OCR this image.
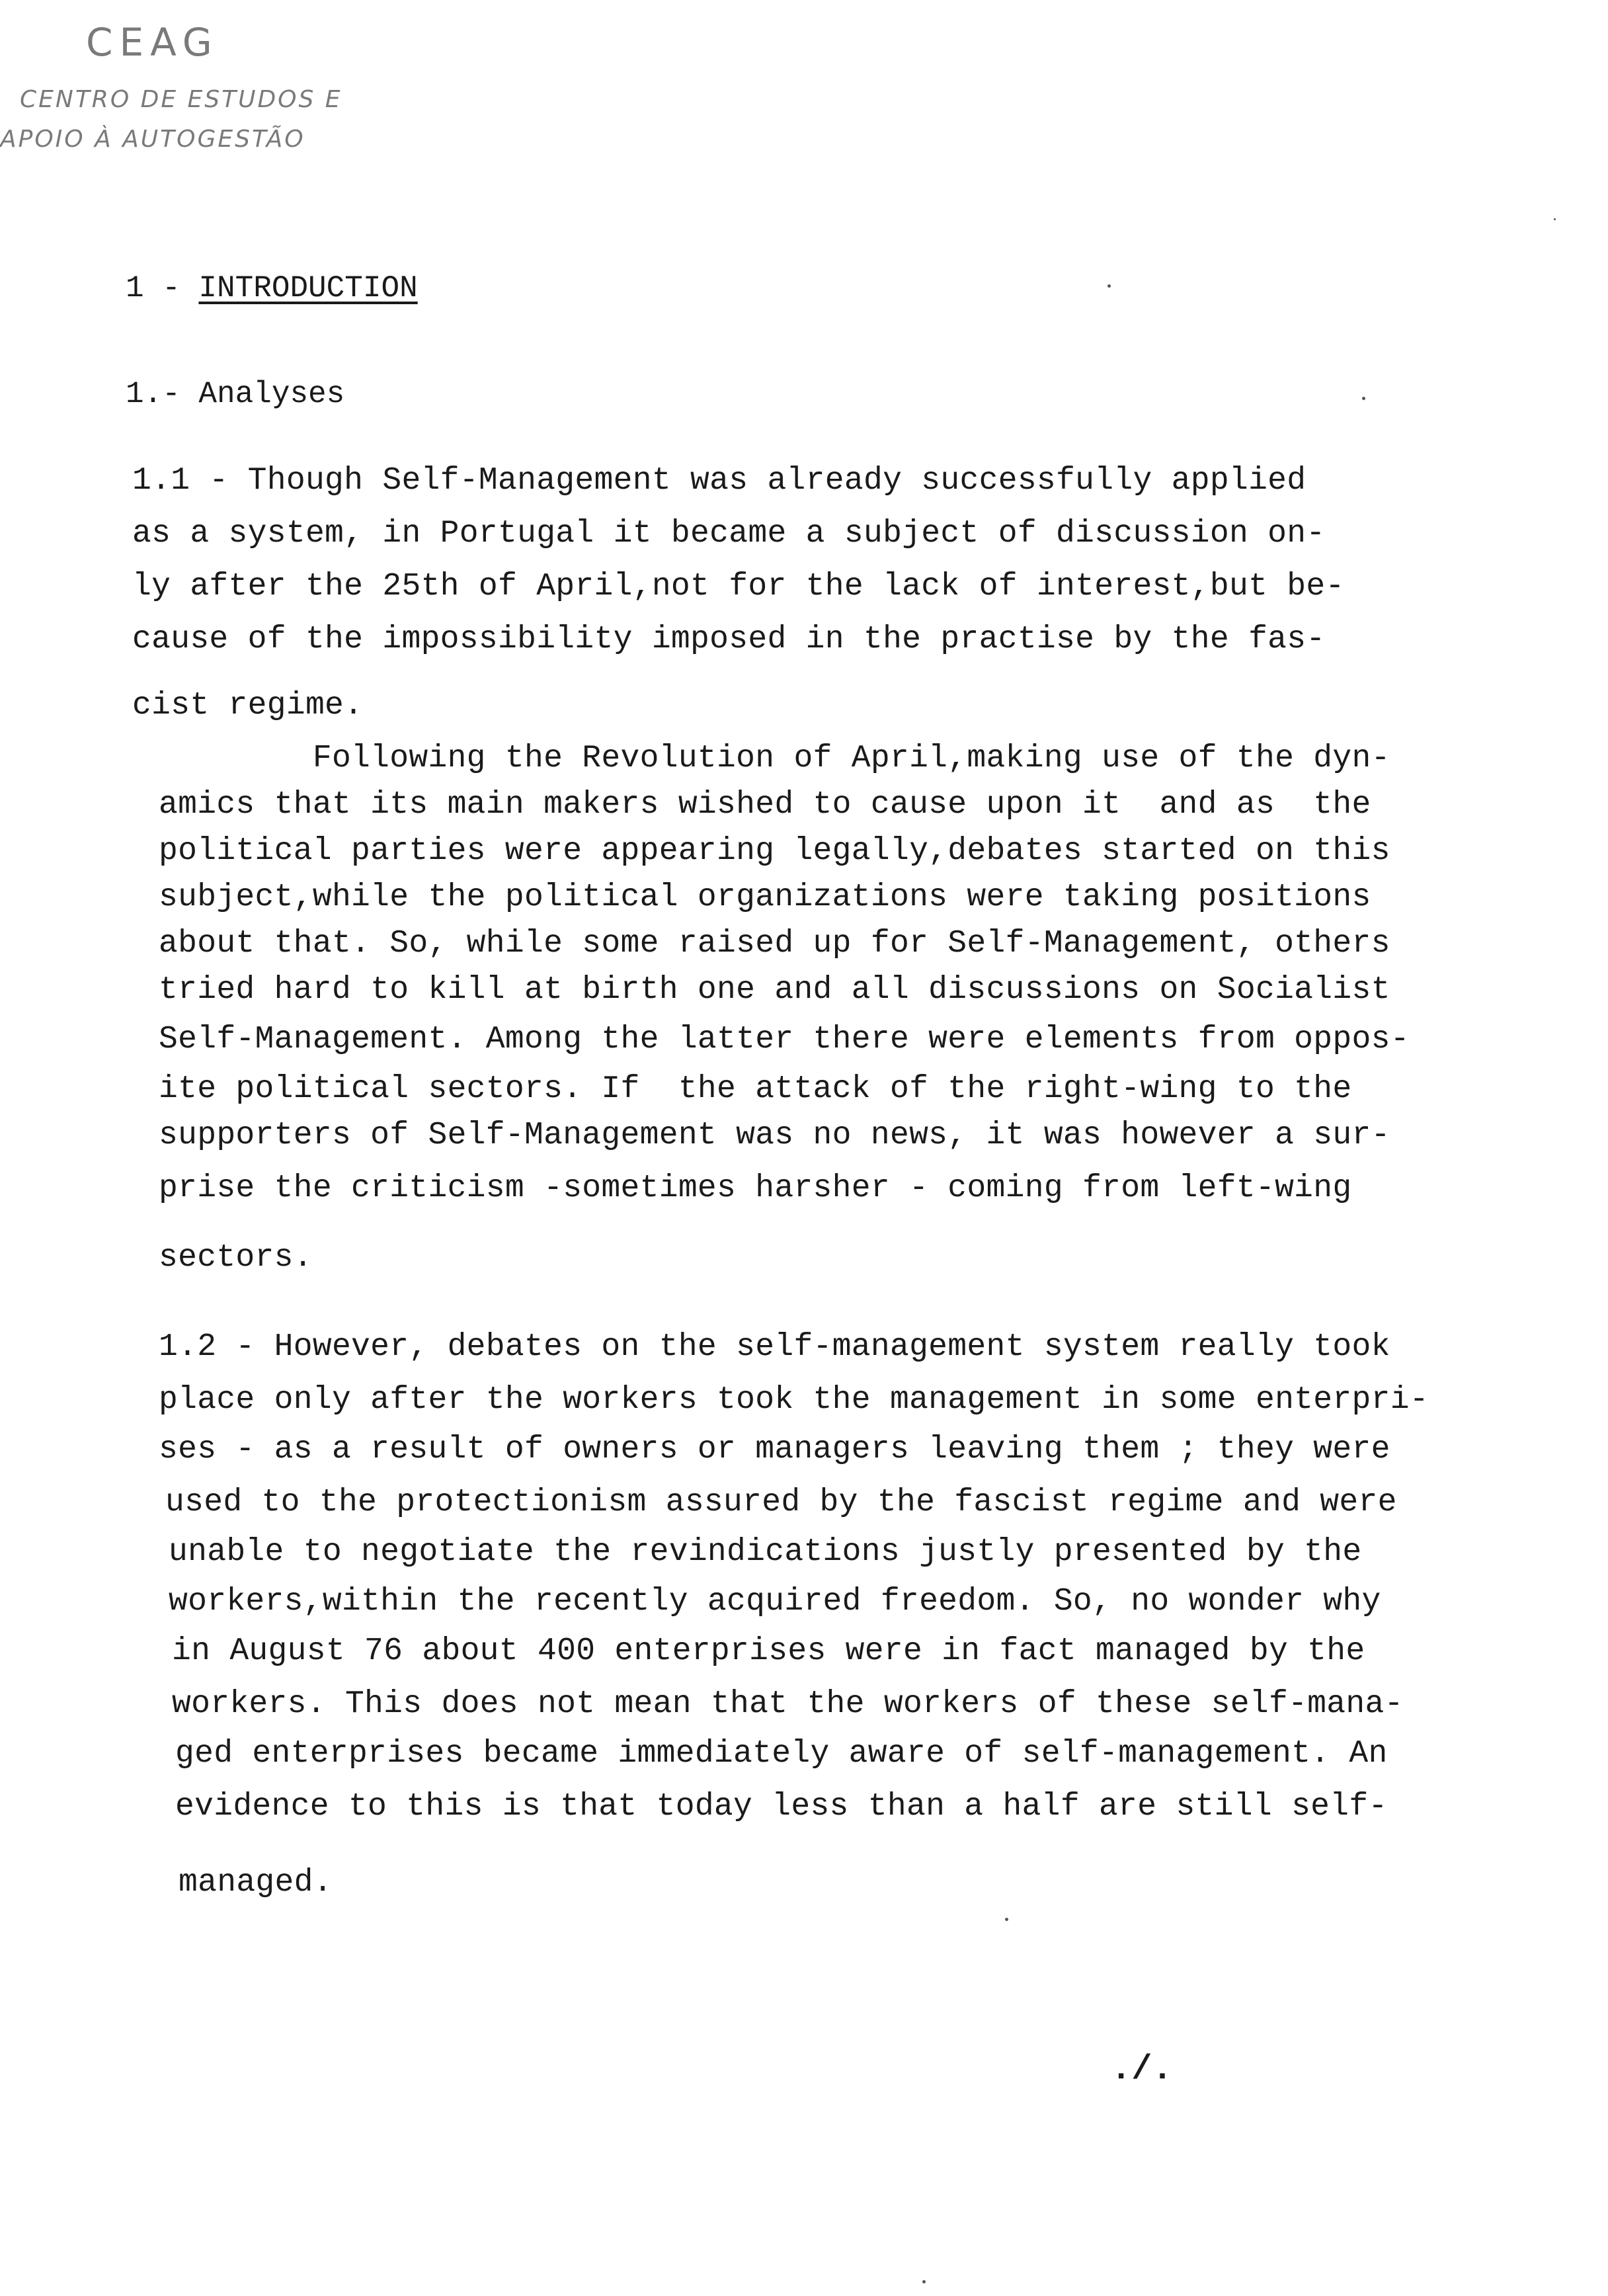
CEAG
CENTRO DE ESTUDOS E
APOIO À AUTOGESTÃO
1 - INTRODUCTION
1.- Analyses
1.1 - Though Self-Management was already successfully applied
as a system, in Portugal it became a subject of discussion on-
ly after the 25th of April,not for the lack of interest,but be-
cause of the impossibility imposed in the practise by the fas-
cist regime.
Following the Revolution of April,making use of the dyn-
amics that its main makers wished to cause upon it  and as  the
political parties were appearing legally,debates started on this
subject,while the political organizations were taking positions
about that. So, while some raised up for Self-Management, others
tried hard to kill at birth one and all discussions on Socialist
Self-Management. Among the latter there were elements from oppos-
ite political sectors. If  the attack of the right-wing to the
supporters of Self-Management was no news, it was however a sur-
prise the criticism -sometimes harsher - coming from left-wing
sectors.
1.2 - However, debates on the self-management system really took
place only after the workers took the management in some enterpri-
ses - as a result of owners or managers leaving them ; they were
used to the protectionism assured by the fascist regime and were
unable to negotiate the revindications justly presented by the
workers,within the recently acquired freedom. So, no wonder why
in August 76 about 400 enterprises were in fact managed by the
workers. This does not mean that the workers of these self-mana-
ged enterprises became immediately aware of self-management. An
evidence to this is that today less than a half are still self-
managed.
./.
